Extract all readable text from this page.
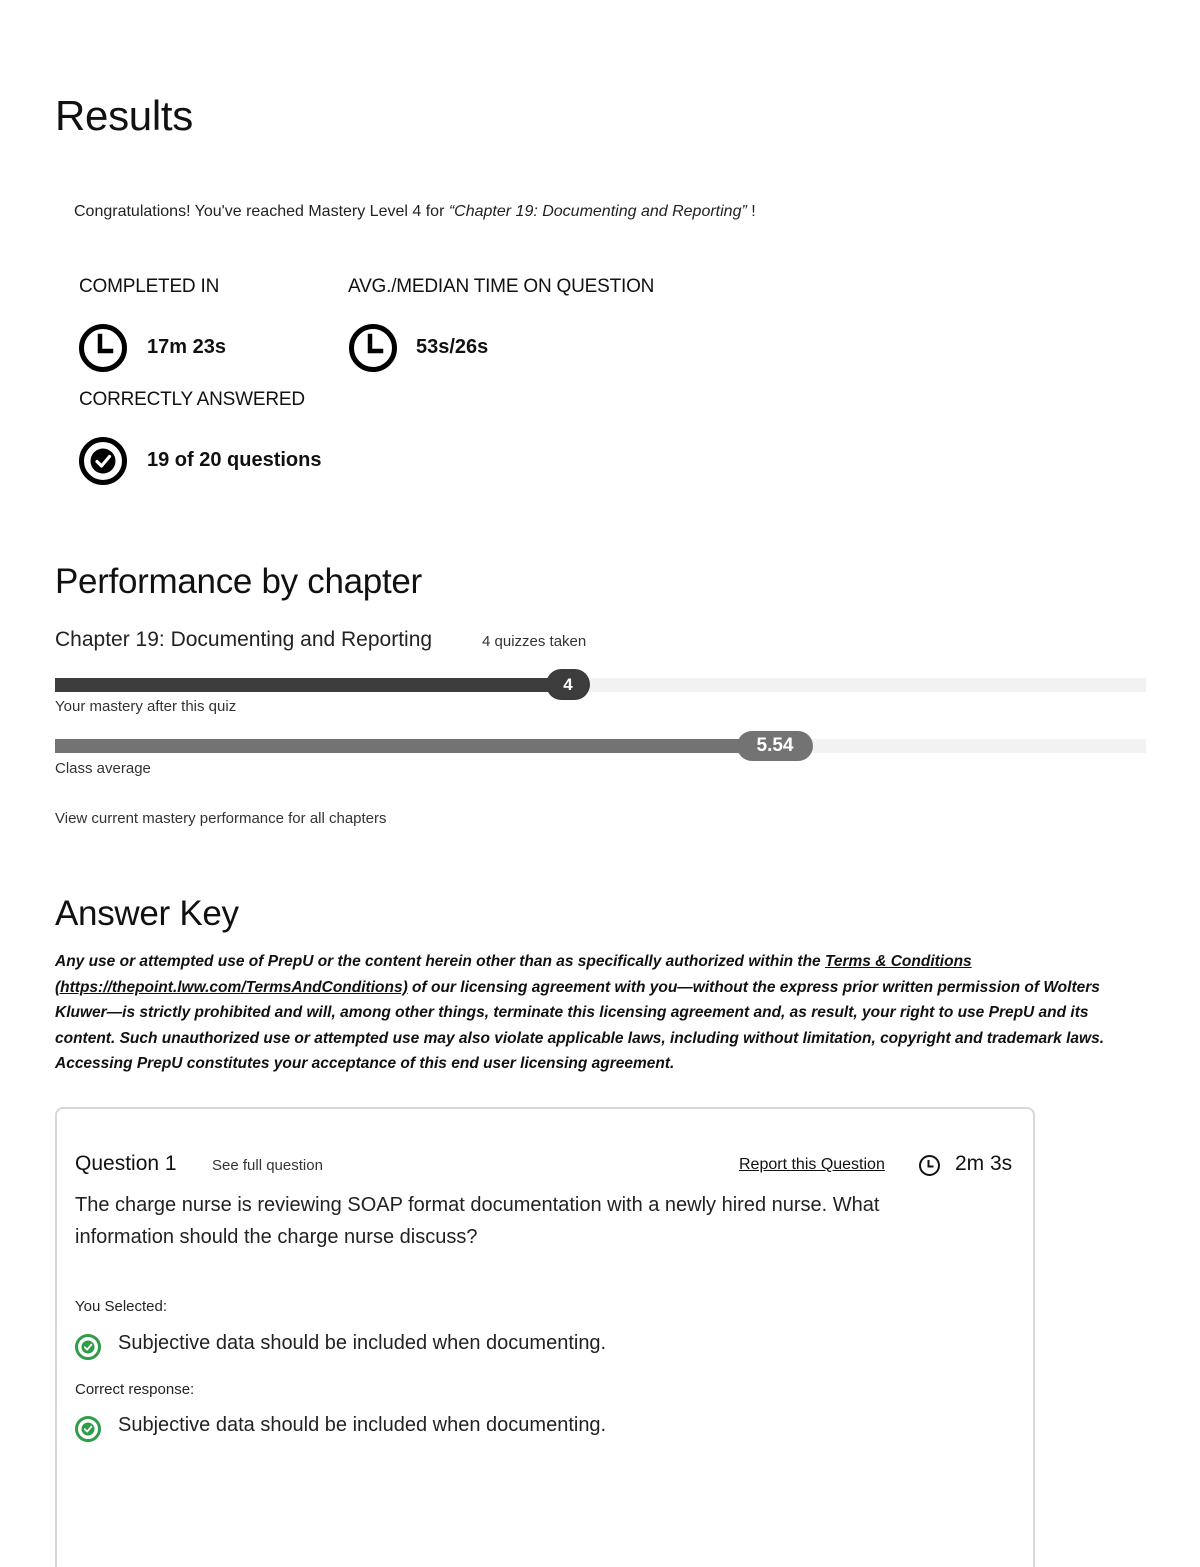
Results
Congratulations! You've reached Mastery Level 4 for “Chapter 19: Documenting and Reporting” !
COMPLETED IN
17m 23s
AVG./MEDIAN TIME ON QUESTION
53s/26s
CORRECTLY ANSWERED
19 of 20 questions
Performance by chapter
Chapter 19: Documenting and Reporting	4 quizzes taken
4
Your mastery after this quiz
5.54
Class average
View current mastery performance for all chapters
Answer Key
Any use or attempted use of PrepU or the content herein other than as specifically authorized within the Terms & Conditions (https://thepoint.lww.com/TermsAndConditions) of our licensing agreement with you—without the express prior written permission of Wolters Kluwer—is strictly prohibited and will, among other things, terminate this licensing agreement and, as result, your right to use PrepU and its content. Such unauthorized use or attempted use may also violate applicable laws, including without limitation, copyright and trademark laws. Accessing PrepU constitutes your acceptance of this end user licensing agreement.
Question 1 See full question	Report this Question	2m 3s
The charge nurse is reviewing SOAP format documentation with a newly hired nurse. What information should the charge nurse discuss?
You Selected:
Subjective data should be included when documenting.
Correct response:
Subjective data should be included when documenting.
